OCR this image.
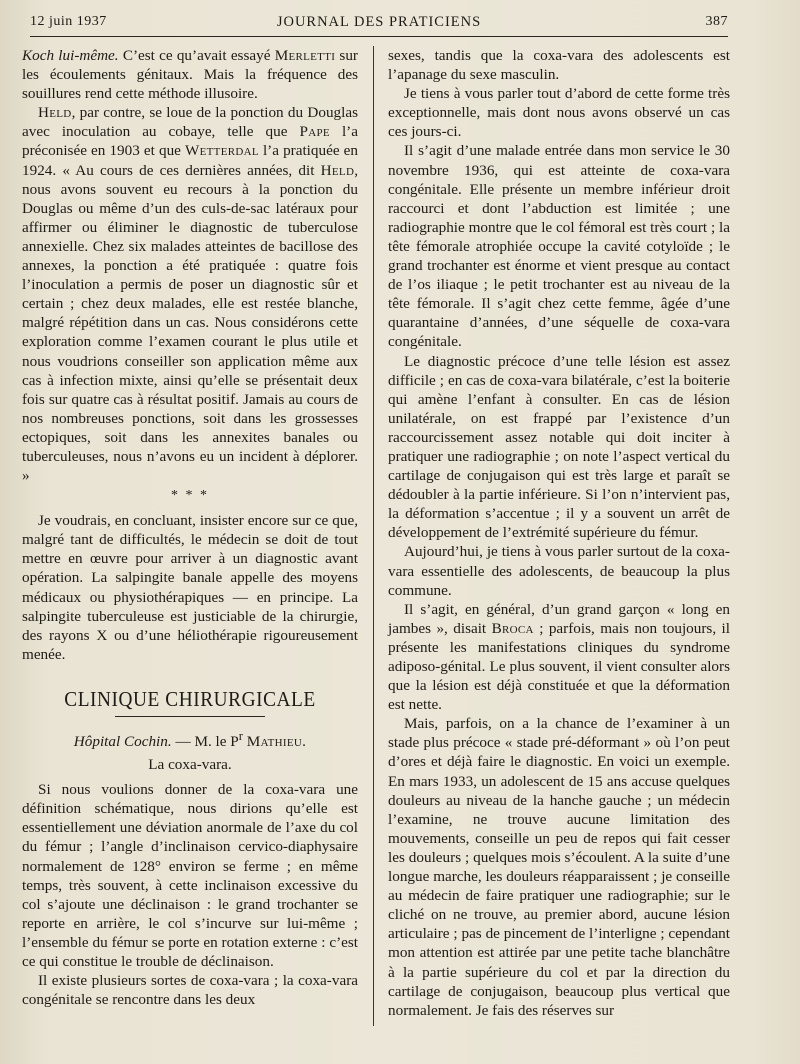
12 juin 1937	JOURNAL DES PRATICIENS	387

Koch lui-même. C’est ce qu’avait essayé Merletti sur les écoulements génitaux. Mais la fréquence des souillures rend cette méthode illusoire.

Held, par contre, se loue de la ponction du Douglas avec inoculation au cobaye, telle que Pape l’a préconisée en 1903 et que Wetterdal l’a pratiquée en 1924. « Au cours de ces dernières années, dit Held, nous avons souvent eu recours à la ponction du Douglas ou même d’un des culs-de-sac latéraux pour affirmer ou éliminer le diagnostic de tuberculose annexielle. Chez six malades atteintes de bacillose des annexes, la ponction a été pratiquée : quatre fois l’inoculation a permis de poser un diagnostic sûr et certain ; chez deux malades, elle est restée blanche, malgré répétition dans un cas. Nous considérons cette exploration comme l’examen courant le plus utile et nous voudrions conseiller son application même aux cas à infection mixte, ainsi qu’elle se présentait deux fois sur quatre cas à résultat positif. Jamais au cours de nos nombreuses ponctions, soit dans les grossesses ectopiques, soit dans les annexites banales ou tuberculeuses, nous n’avons eu un incident à déplorer. »

* * *

Je voudrais, en concluant, insister encore sur ce que, malgré tant de difficultés, le médecin se doit de tout mettre en œuvre pour arriver à un diagnostic avant opération. La salpingite banale appelle des moyens médicaux ou physiothérapiques — en principe. La salpingite tuberculeuse est justiciable de la chirurgie, des rayons X ou d’une héliothérapie rigoureusement menée.

CLINIQUE CHIRURGICALE
Hôpital Cochin. — M. le $P^r$ Mathieu.
La coxa-vara.

Si nous voulions donner de la coxa-vara une définition schématique, nous dirions qu’elle est essentiellement une déviation anormale de l’axe du col du fémur ; l’angle d’inclinaison cervico-diaphysaire normalement de 128° environ se ferme ; en même temps, très souvent, à cette inclinaison excessive du col s’ajoute une déclinaison : le grand trochanter se reporte en arrière, le col s’incurve sur lui-même ; l’ensemble du fémur se porte en rotation externe : c’est ce qui constitue le trouble de déclinaison.

Il existe plusieurs sortes de coxa-vara ; la coxa-vara congénitale se rencontre dans les deux

sexes, tandis que la coxa-vara des adolescents est l’apanage du sexe masculin.

Je tiens à vous parler tout d’abord de cette forme très exceptionnelle, mais dont nous avons observé un cas ces jours-ci.

Il s’agit d’une malade entrée dans mon service le 30 novembre 1936, qui est atteinte de coxa-vara congénitale. Elle présente un membre inférieur droit raccourci et dont l’abduction est limitée ; une radiographie montre que le col fémoral est très court ; la tête fémorale atrophiée occupe la cavité cotyloïde ; le grand trochanter est énorme et vient presque au contact de l’os iliaque ; le petit trochanter est au niveau de la tête fémorale. Il s’agit chez cette femme, âgée d’une quarantaine d’années, d’une séquelle de coxa-vara congénitale.

Le diagnostic précoce d’une telle lésion est assez difficile ; en cas de coxa-vara bilatérale, c’est la boiterie qui amène l’enfant à consulter. En cas de lésion unilatérale, on est frappé par l’existence d’un raccourcissement assez notable qui doit inciter à pratiquer une radiographie ; on note l’aspect vertical du cartilage de conjugaison qui est très large et paraît se dédoubler à la partie inférieure. Si l’on n’intervient pas, la déformation s’accentue ; il y a souvent un arrêt de développement de l’extrémité supérieure du fémur.

Aujourd’hui, je tiens à vous parler surtout de la coxa-vara essentielle des adolescents, de beaucoup la plus commune.

Il s’agit, en général, d’un grand garçon « long en jambes », disait Broca ; parfois, mais non toujours, il présente les manifestations cliniques du syndrome adiposo-génital. Le plus souvent, il vient consulter alors que la lésion est déjà constituée et que la déformation est nette.

Mais, parfois, on a la chance de l’examiner à un stade plus précoce « stade pré-déformant » où l’on peut d’ores et déjà faire le diagnostic. En voici un exemple. En mars 1933, un adolescent de 15 ans accuse quelques douleurs au niveau de la hanche gauche ; un médecin l’examine, ne trouve aucune limitation des mouvements, conseille un peu de repos qui fait cesser les douleurs ; quelques mois s’écoulent. A la suite d’une longue marche, les douleurs réapparaissent ; je conseille au médecin de faire pratiquer une radiographie; sur le cliché on ne trouve, au premier abord, aucune lésion articulaire ; pas de pincement de l’interligne ; cependant mon attention est attirée par une petite tache blanchâtre à la partie supérieure du col et par la direction du cartilage de conjugaison, beaucoup plus vertical que normalement. Je fais des réserves sur
